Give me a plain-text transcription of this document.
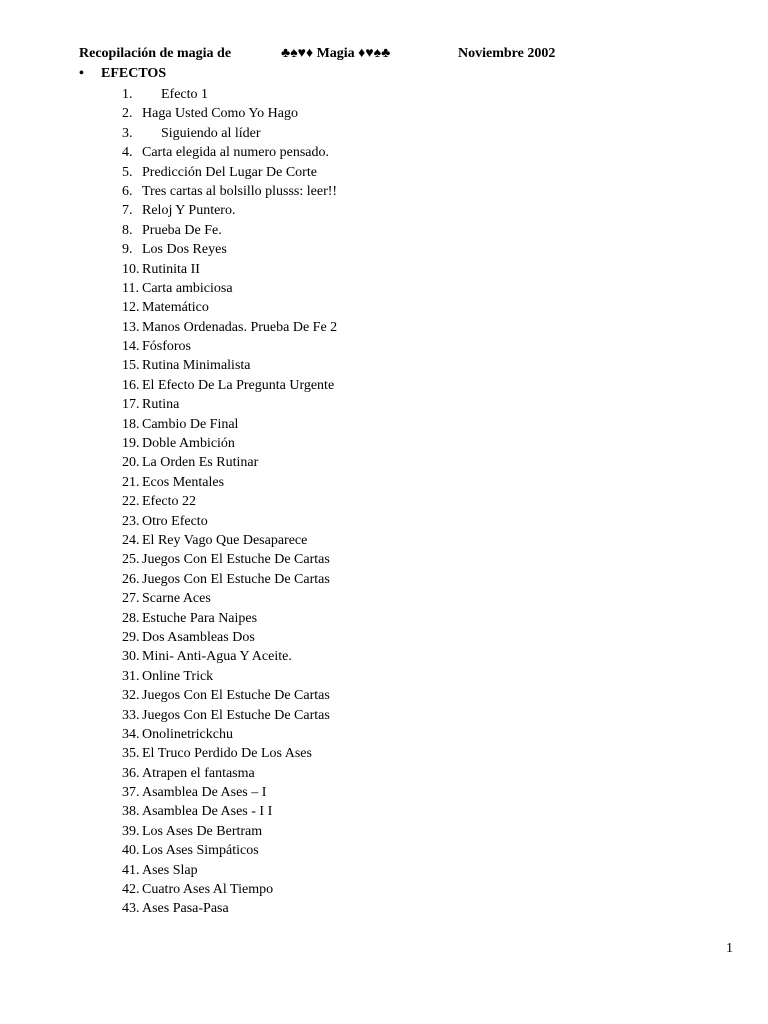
Recopilación de magia de	♣♠♥♦ Magia ♦♥♠♣	Noviembre 2002
• EFECTOS
1. Efecto 1
2. Haga Usted Como Yo Hago
3. Siguiendo al líder
4. Carta elegida al numero pensado.
5. Predicción Del Lugar De Corte
6. Tres cartas al bolsillo plusss: leer!!
7. Reloj Y Puntero.
8. Prueba De Fe.
9. Los Dos Reyes
10. Rutinita II
11. Carta ambiciosa
12. Matemático
13. Manos Ordenadas. Prueba De Fe 2
14. Fósforos
15. Rutina Minimalista
16. El Efecto De La Pregunta Urgente
17. Rutina
18. Cambio De Final
19. Doble Ambición
20. La Orden Es Rutinar
21. Ecos Mentales
22. Efecto 22
23. Otro Efecto
24. El Rey Vago Que Desaparece
25. Juegos Con El Estuche De Cartas
26. Juegos Con El Estuche De Cartas
27. Scarne Aces
28. Estuche Para Naipes
29. Dos Asambleas Dos
30. Mini- Anti-Agua Y Aceite.
31. Online Trick
32. Juegos Con El Estuche De Cartas
33. Juegos Con El Estuche De Cartas
34. Onolinetrickchu
35. El Truco Perdido De Los Ases
36. Atrapen el fantasma
37. Asamblea De Ases – I
38. Asamblea De Ases - I I
39. Los Ases De Bertram
40. Los Ases Simpáticos
41. Ases Slap
42. Cuatro Ases Al Tiempo
43. Ases Pasa-Pasa
1
